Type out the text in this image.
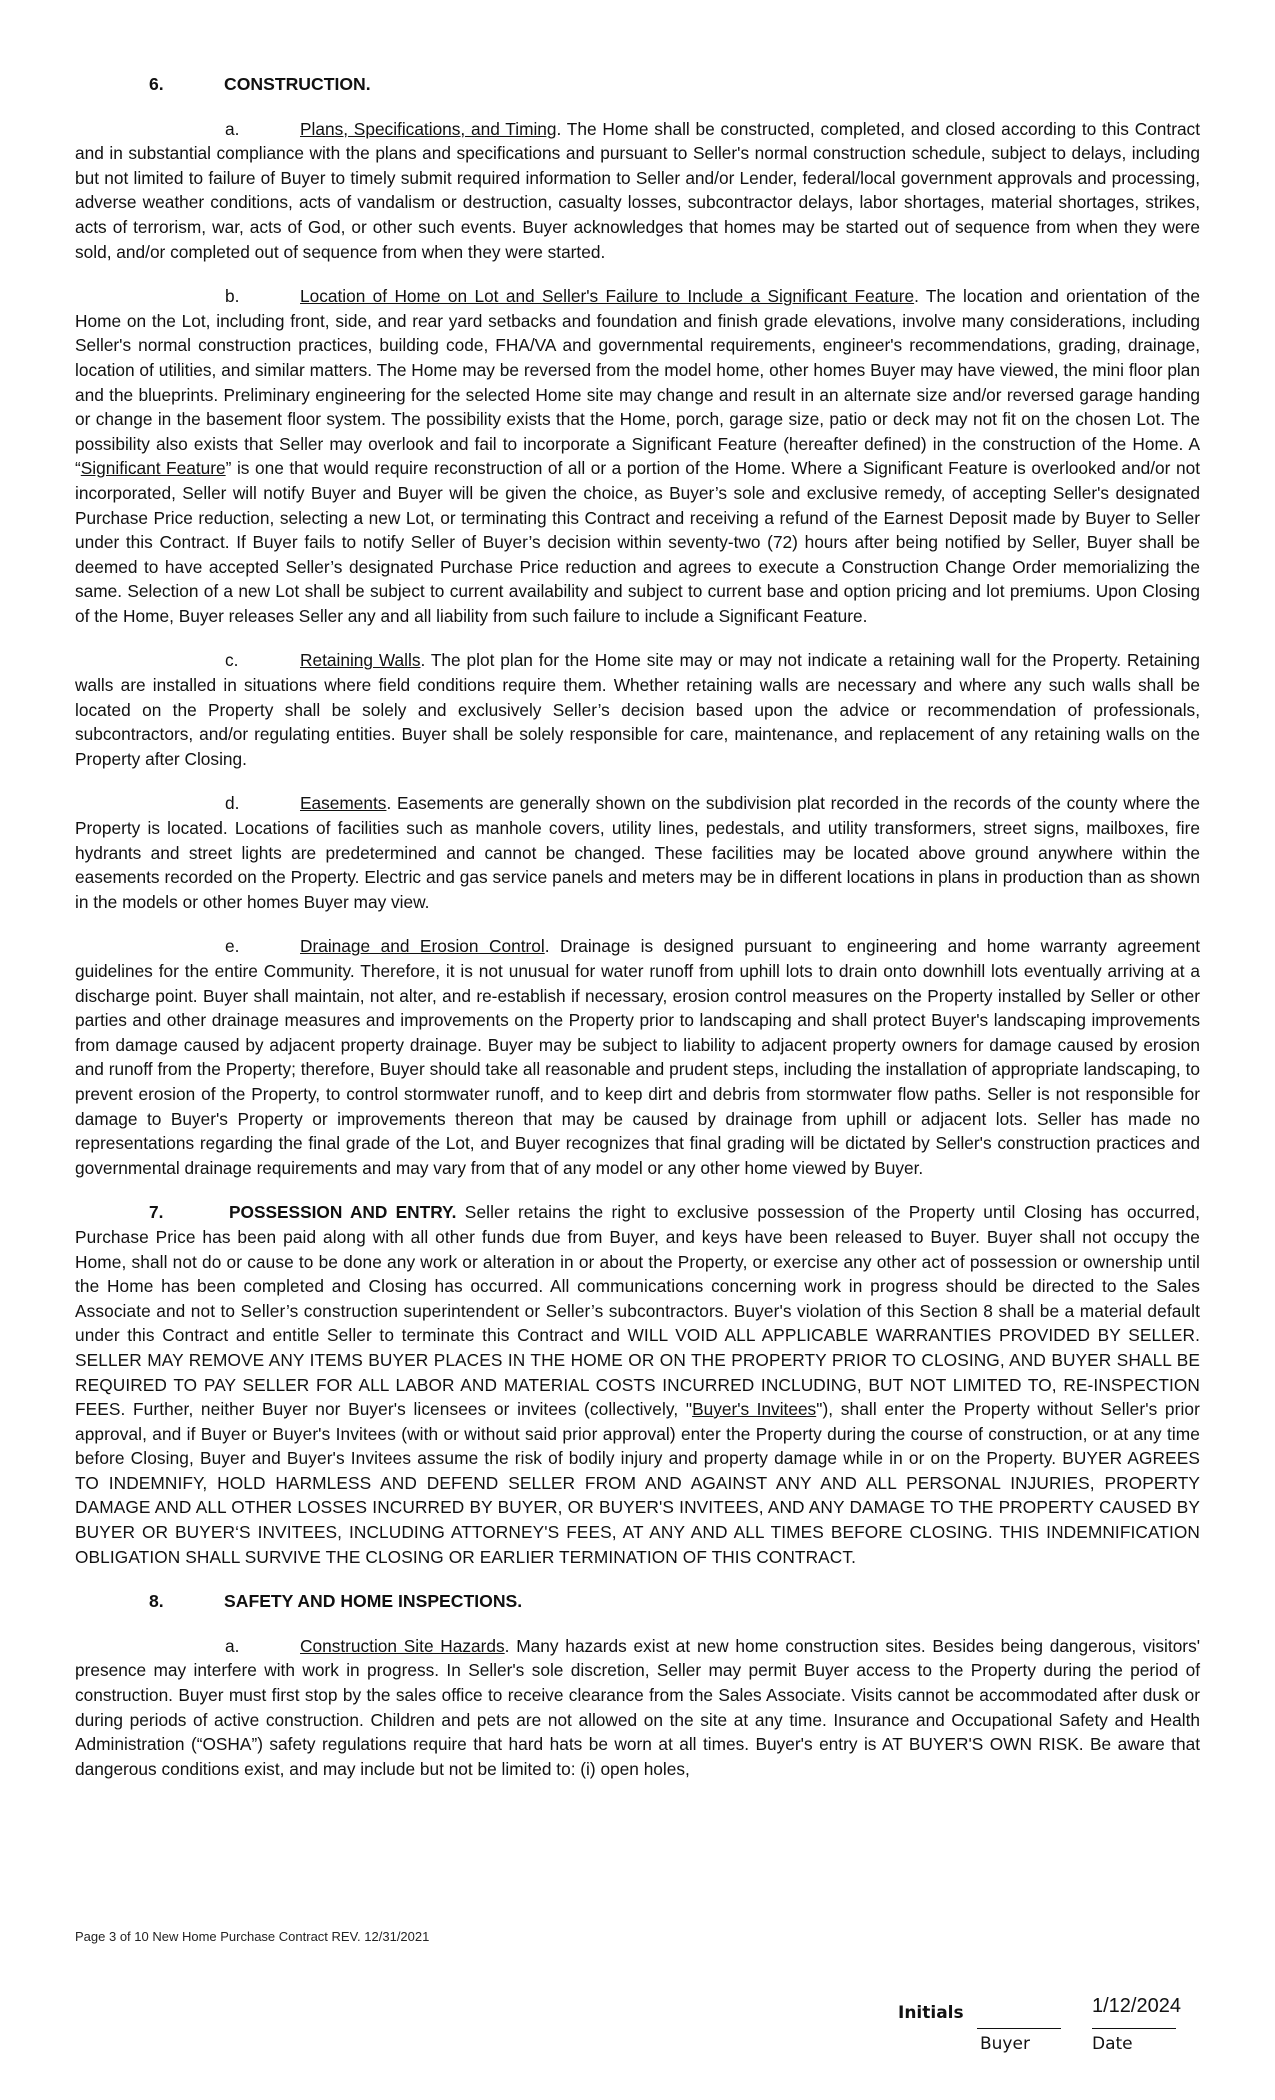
6.	CONSTRUCTION.

a.	Plans, Specifications, and Timing. The Home shall be constructed, completed, and closed according to this Contract and in substantial compliance with the plans and specifications and pursuant to Seller's normal construction schedule, subject to delays, including but not limited to failure of Buyer to timely submit required information to Seller and/or Lender, federal/local government approvals and processing, adverse weather conditions, acts of vandalism or destruction, casualty losses, subcontractor delays, labor shortages, material shortages, strikes, acts of terrorism, war, acts of God, or other such events. Buyer acknowledges that homes may be started out of sequence from when they were sold, and/or completed out of sequence from when they were started.

b.	Location of Home on Lot and Seller's Failure to Include a Significant Feature. The location and orientation of the Home on the Lot, including front, side, and rear yard setbacks and foundation and finish grade elevations, involve many considerations, including Seller's normal construction practices, building code, FHA/VA and governmental requirements, engineer's recommendations, grading, drainage, location of utilities, and similar matters. The Home may be reversed from the model home, other homes Buyer may have viewed, the mini floor plan and the blueprints. Preliminary engineering for the selected Home site may change and result in an alternate size and/or reversed garage handing or change in the basement floor system. The possibility exists that the Home, porch, garage size, patio or deck may not fit on the chosen Lot. The possibility also exists that Seller may overlook and fail to incorporate a Significant Feature (hereafter defined) in the construction of the Home. A “Significant Feature” is one that would require reconstruction of all or a portion of the Home. Where a Significant Feature is overlooked and/or not incorporated, Seller will notify Buyer and Buyer will be given the choice, as Buyer’s sole and exclusive remedy, of accepting Seller's designated Purchase Price reduction, selecting a new Lot, or terminating this Contract and receiving a refund of the Earnest Deposit made by Buyer to Seller under this Contract. If Buyer fails to notify Seller of Buyer’s decision within seventy-two (72) hours after being notified by Seller, Buyer shall be deemed to have accepted Seller’s designated Purchase Price reduction and agrees to execute a Construction Change Order memorializing the same. Selection of a new Lot shall be subject to current availability and subject to current base and option pricing and lot premiums. Upon Closing of the Home, Buyer releases Seller any and all liability from such failure to include a Significant Feature.

c.	Retaining Walls. The plot plan for the Home site may or may not indicate a retaining wall for the Property. Retaining walls are installed in situations where field conditions require them. Whether retaining walls are necessary and where any such walls shall be located on the Property shall be solely and exclusively Seller’s decision based upon the advice or recommendation of professionals, subcontractors, and/or regulating entities. Buyer shall be solely responsible for care, maintenance, and replacement of any retaining walls on the Property after Closing.

d.	Easements. Easements are generally shown on the subdivision plat recorded in the records of the county where the Property is located. Locations of facilities such as manhole covers, utility lines, pedestals, and utility transformers, street signs, mailboxes, fire hydrants and street lights are predetermined and cannot be changed. These facilities may be located above ground anywhere within the easements recorded on the Property. Electric and gas service panels and meters may be in different locations in plans in production than as shown in the models or other homes Buyer may view.

e.	Drainage and Erosion Control. Drainage is designed pursuant to engineering and home warranty agreement guidelines for the entire Community. Therefore, it is not unusual for water runoff from uphill lots to drain onto downhill lots eventually arriving at a discharge point. Buyer shall maintain, not alter, and re-establish if necessary, erosion control measures on the Property installed by Seller or other parties and other drainage measures and improvements on the Property prior to landscaping and shall protect Buyer's landscaping improvements from damage caused by adjacent property drainage. Buyer may be subject to liability to adjacent property owners for damage caused by erosion and runoff from the Property; therefore, Buyer should take all reasonable and prudent steps, including the installation of appropriate landscaping, to prevent erosion of the Property, to control stormwater runoff, and to keep dirt and debris from stormwater flow paths. Seller is not responsible for damage to Buyer's Property or improvements thereon that may be caused by drainage from uphill or adjacent lots. Seller has made no representations regarding the final grade of the Lot, and Buyer recognizes that final grading will be dictated by Seller's construction practices and governmental drainage requirements and may vary from that of any model or any other home viewed by Buyer.

7.	POSSESSION AND ENTRY. Seller retains the right to exclusive possession of the Property until Closing has occurred, Purchase Price has been paid along with all other funds due from Buyer, and keys have been released to Buyer. Buyer shall not occupy the Home, shall not do or cause to be done any work or alteration in or about the Property, or exercise any other act of possession or ownership until the Home has been completed and Closing has occurred. All communications concerning work in progress should be directed to the Sales Associate and not to Seller’s construction superintendent or Seller’s subcontractors. Buyer's violation of this Section 8 shall be a material default under this Contract and entitle Seller to terminate this Contract and WILL VOID ALL APPLICABLE WARRANTIES PROVIDED BY SELLER. SELLER MAY REMOVE ANY ITEMS BUYER PLACES IN THE HOME OR ON THE PROPERTY PRIOR TO CLOSING, AND BUYER SHALL BE REQUIRED TO PAY SELLER FOR ALL LABOR AND MATERIAL COSTS INCURRED INCLUDING, BUT NOT LIMITED TO, RE-INSPECTION FEES. Further, neither Buyer nor Buyer's licensees or invitees (collectively, "Buyer's Invitees"), shall enter the Property without Seller's prior approval, and if Buyer or Buyer's Invitees (with or without said prior approval) enter the Property during the course of construction, or at any time before Closing, Buyer and Buyer's Invitees assume the risk of bodily injury and property damage while in or on the Property. BUYER AGREES TO INDEMNIFY, HOLD HARMLESS AND DEFEND SELLER FROM AND AGAINST ANY AND ALL PERSONAL INJURIES, PROPERTY DAMAGE AND ALL OTHER LOSSES INCURRED BY BUYER, OR BUYER'S INVITEES, AND ANY DAMAGE TO THE PROPERTY CAUSED BY BUYER OR BUYER‘S INVITEES, INCLUDING ATTORNEY'S FEES, AT ANY AND ALL TIMES BEFORE CLOSING. THIS INDEMNIFICATION OBLIGATION SHALL SURVIVE THE CLOSING OR EARLIER TERMINATION OF THIS CONTRACT.

8.	SAFETY AND HOME INSPECTIONS.

a.	Construction Site Hazards. Many hazards exist at new home construction sites. Besides being dangerous, visitors' presence may interfere with work in progress. In Seller's sole discretion, Seller may permit Buyer access to the Property during the period of construction. Buyer must first stop by the sales office to receive clearance from the Sales Associate. Visits cannot be accommodated after dusk or during periods of active construction. Children and pets are not allowed on the site at any time. Insurance and Occupational Safety and Health Administration (“OSHA”) safety regulations require that hard hats be worn at all times. Buyer's entry is AT BUYER'S OWN RISK. Be aware that dangerous conditions exist, and may include but not be limited to: (i) open holes,

Page 3 of 10 New Home Purchase Contract REV. 12/31/2021
Initials	1/12/2024
Buyer	Date
